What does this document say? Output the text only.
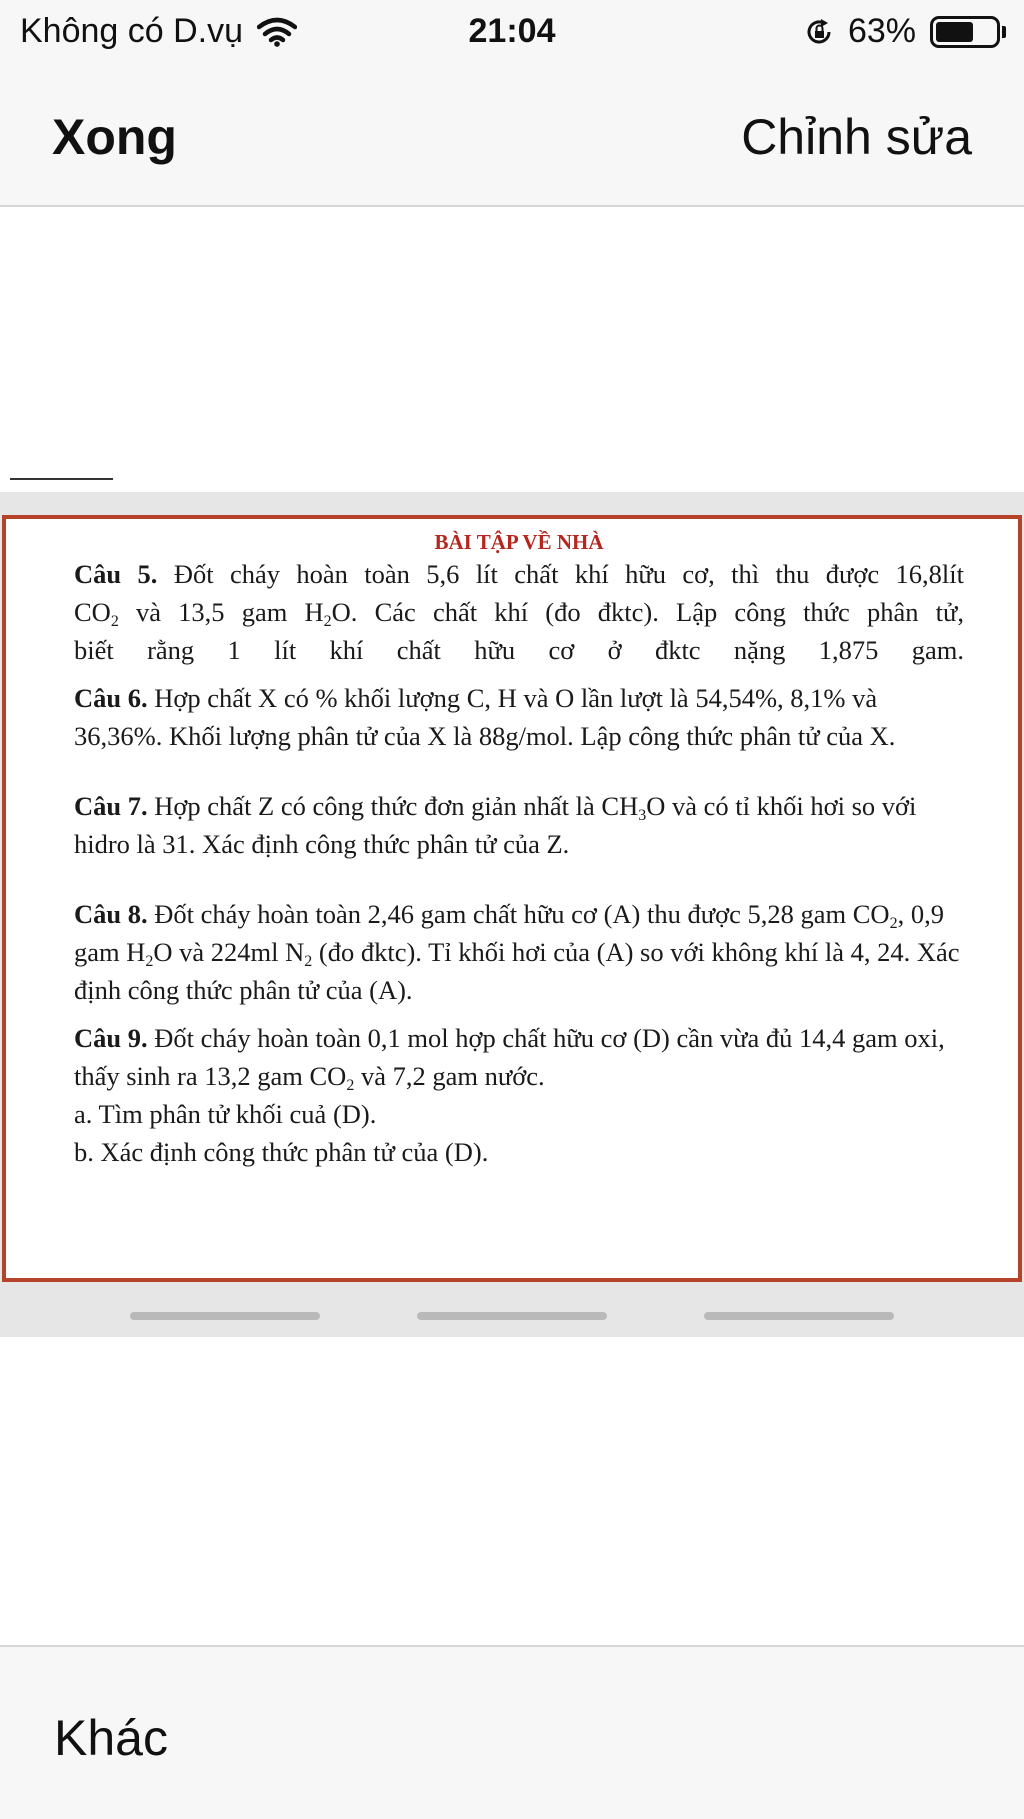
Không có D.vụ	21:04	63%
Xong	Chỉnh sửa
BÀI TẬP VỀ NHÀ

Câu 5. Đốt cháy hoàn toàn 5,6 lít chất khí hữu cơ, thì thu được 16,8lít

$CO_2$ và 13,5 gam $H_2O$. Các chất khí (đo đktc). Lập công thức phân tử,

biết rằng 1 lít khí chất hữu cơ ở đktc nặng 1,875 gam.

Câu 6. Hợp chất X có % khối lượng C, H và O lần lượt là 54,54%, 8,1% và 36,36%. Khối lượng phân tử của X là 88g/mol. Lập công thức phân tử của X.

Câu 7. Hợp chất Z có công thức đơn giản nhất là $CH_3O$ và có tỉ khối hơi so với hidro là 31. Xác định công thức phân tử của Z.

Câu 8. Đốt cháy hoàn toàn 2,46 gam chất hữu cơ (A) thu được 5,28 gam $CO_2$, 0,9 gam $H_2O$ và 224ml $N_2$ (đo đktc). Tỉ khối hơi của (A) so với không khí là 4, 24. Xác định công thức phân tử của (A).

Câu 9. Đốt cháy hoàn toàn 0,1 mol hợp chất hữu cơ (D) cần vừa đủ 14,4 gam oxi, thấy sinh ra 13,2 gam $CO_2$ và 7,2 gam nước.

a. Tìm phân tử khối cuả (D).

b. Xác định công thức phân tử của (D).

Khác
